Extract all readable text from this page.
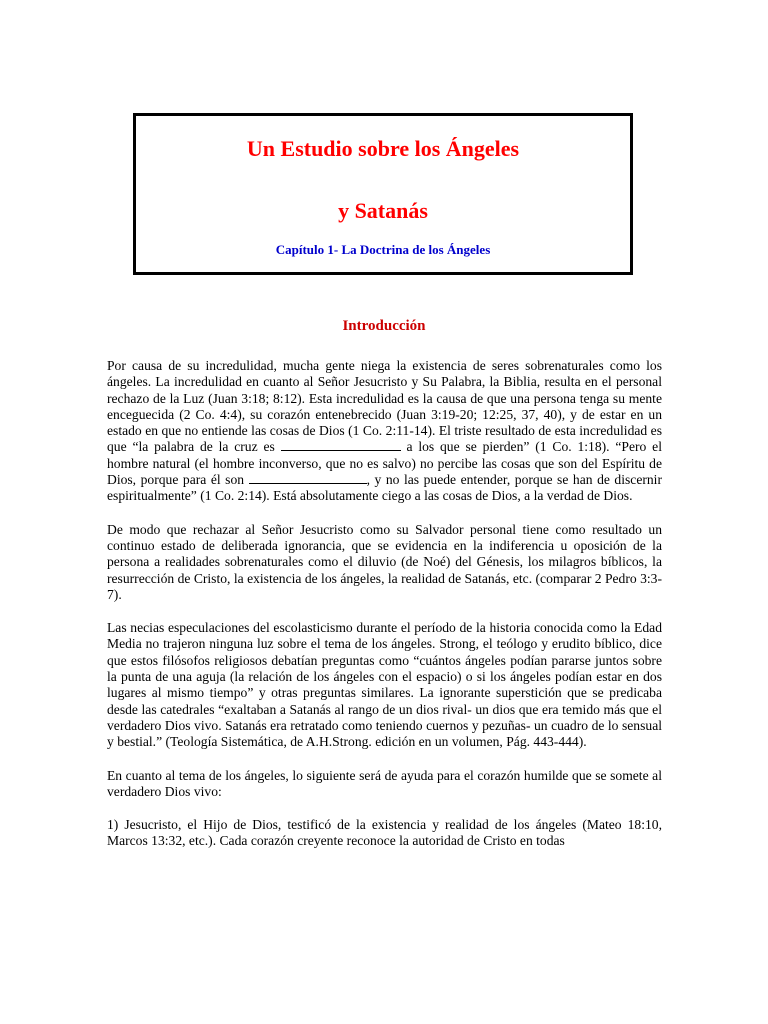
Un Estudio sobre los Ángeles
y Satanás
Capítulo 1- La Doctrina de los Ángeles
Introducción

Por causa de su incredulidad, mucha gente niega la existencia de seres sobrenaturales como los ángeles. La incredulidad en cuanto al Señor Jesucristo y Su Palabra, la Biblia, resulta en el personal rechazo de la Luz (Juan 3:18; 8:12). Esta incredulidad es la causa de que una persona tenga su mente enceguecida (2 Co. 4:4), su corazón entenebrecido (Juan 3:19-20; 12:25, 37, 40), y de estar en un estado en que no entiende las cosas de Dios (1 Co. 2:11-14). El triste resultado de esta incredulidad es que “la palabra de la cruz es	a los que se pierden” (1 Co. 1:18). “Pero el hombre natural (el hombre inconverso, que no es salvo) no percibe las cosas que son del Espíritu de Dios, porque para él son	, y no las puede entender, porque se han de discernir espiritualmente” (1 Co. 2:14). Está absolutamente ciego a las cosas de Dios, a la verdad de Dios.

De modo que rechazar al Señor Jesucristo como su Salvador personal tiene como resultado un continuo estado de deliberada ignorancia, que se evidencia en la indiferencia u oposición de la persona a realidades sobrenaturales como el diluvio (de Noé) del Génesis, los milagros bíblicos, la resurrección de Cristo, la existencia de los ángeles, la realidad de Satanás, etc. (comparar 2 Pedro 3:3-7).

Las necias especulaciones del escolasticismo durante el período de la historia conocida como la Edad Media no trajeron ninguna luz sobre el tema de los ángeles. Strong, el teólogo y erudito bíblico, dice que estos filósofos religiosos debatían preguntas como “cuántos ángeles podían pararse juntos sobre la punta de una aguja (la relación de los ángeles con el espacio) o si los ángeles podían estar en dos lugares al mismo tiempo” y otras preguntas similares. La ignorante superstición que se predicaba desde las catedrales “exaltaban a Satanás al rango de un dios rival- un dios que era temido más que el verdadero Dios vivo. Satanás era retratado como teniendo cuernos y pezuñas- un cuadro de lo sensual y bestial.” (Teología Sistemática, de A.H.Strong. edición en un volumen, Pág. 443-444).

En cuanto al tema de los ángeles, lo siguiente será de ayuda para el corazón humilde que se somete al verdadero Dios vivo:

1) Jesucristo, el Hijo de Dios, testificó de la existencia y realidad de los ángeles (Mateo 18:10, Marcos 13:32, etc.). Cada corazón creyente reconoce la autoridad de Cristo en todas
